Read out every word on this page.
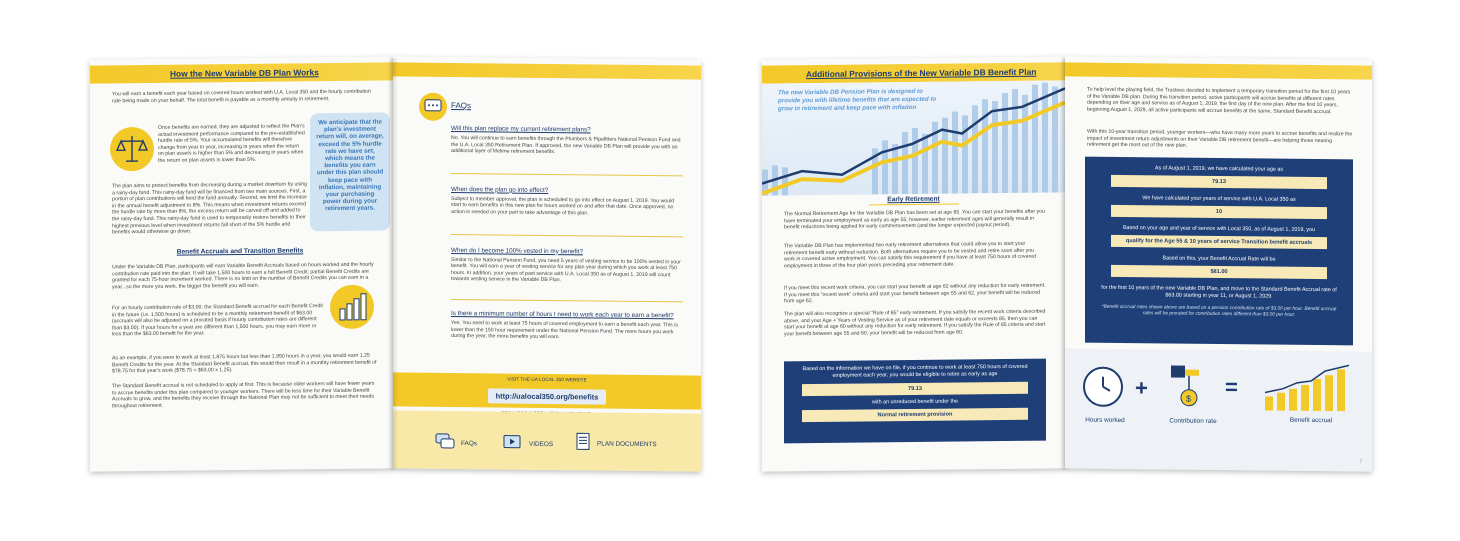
How the New Variable DB Plan Works
You will earn a benefit each year based on covered hours worked with U.A. Local 350 and the hourly contribution rate being made on your behalf. The total benefit is payable as a monthly annuity in retirement.
Once benefits are earned, they are adjusted to reflect the Plan's actual investment performance compared to the pre-established hurdle rate of 5%. Your accumulated benefits will therefore change from year to year, increasing in years when the return on plan assets is higher than 5% and decreasing in years when the return on plan assets is lower than 5%.
We anticipate that the plan's investment return will, on average, exceed the 5% hurdle rate we have set, which means the benefits you earn under this plan should keep pace with inflation, maintaining your purchasing power during your retirement years.
The plan aims to protect benefits from decreasing during a market downturn by using a rainy-day fund. This rainy-day fund will be financed from two main sources. First, a portion of plan contributions will feed the fund annually. Second, we limit the increase in the annual benefit adjustment to 8%. This means when investment returns exceed the hurdle rate by more than 8%, the excess return will be carved off and added to the rainy-day fund. This rainy-day fund is used to temporarily restore benefits to their highest previous level when investment returns fall short of the 5% hurdle and benefits would otherwise go down.
Benefit Accruals and Transition Benefits
Under the Variable DB Plan, participants will earn Variable Benefit Accruals based on hours worked and the hourly contribution rate paid into the plan. It will take 1,500 hours to earn a full Benefit Credit; partial Benefit Credits are granted for each 75-hour increment worked. There is no limit on the number of Benefit Credits you can earn in a year...so the more you work, the bigger the benefit you will earn.
For an hourly contribution rate of $3.00, the Standard Benefit accrual for each Benefit Credit in the future (i.e. 1,500 hours) is scheduled to be a monthly retirement benefit of $63.00 (accruals will also be adjusted on a prorated basis if hourly contribution rates are different than $3.00). If your hours for a year are different than 1,500 hours, you may earn more or less than the $63.00 benefit for the year.
As an example, if you were to work at least 1,875 hours but less than 1,950 hours in a year, you would earn 1.25 Benefit Credits for the year. At the Standard Benefit accrual, this would then result in a monthly retirement benefit of $78.75 for that year's work ($78.75 = $63.00 x 1.25).
The Standard Benefit accrual is not scheduled to apply at first. This is because older workers will have fewer years to accrue benefits under this plan compared to younger workers. There will be less time for their Variable Benefit Accruals to grow, and the benefits they receive through the National Plan may not be sufficient to meet their needs throughout retirement.
FAQs
Will this plan replace my current retirement plans?
No. You will continue to earn benefits through the Plumbers & Pipefitters National Pension Fund and the U.A. Local 350 Retirement Plan. If approved, the new Variable DB Plan will provide you with an additional layer of lifetime retirement benefits.
When does the plan go into effect?
Subject to member approval, the plan is scheduled to go into effect on August 1, 2019. You would start to earn benefits in this new plan for hours worked on and after that date. Once approved, no action is needed on your part to take advantage of this plan.
When do I become 100% vested in my benefit?
Similar to the National Pension Fund, you need 5 years of vesting service to be 100% vested in your benefit. You will earn a year of vesting service for any plan year during which you work at least 750 hours. In addition, your years of past service with U.A. Local 350 as of August 1, 2019 will count towards vesting service in the Variable DB Plan.
Is there a minimum number of hours I need to work each year to earn a benefit?
Yes. You need to work at least 75 hours of covered employment to earn a benefit each year. This is lower than the 150 hour requirement under the National Pension Fund. The more hours you work during the year, the more benefits you will earn.
VISIT THE UA LOCAL 350 WEBSITE
http://ualocal350.org/benefits
FAQs	VIDEOS	PLAN DOCUMENTS
Additional Provisions of the New Variable DB Benefit Plan
The new Variable DB Pension Plan is designed to provide you with lifetime benefits that are expected to grow in retirement and keep pace with inflation
Early Retirement
The Normal Retirement Age for the Variable DB Plan has been set at age 65. You can start your benefits after you have terminated your employment as early as age 55; however, earlier retirement ages will generally result in benefit reductions being applied for early commencement (and the longer expected payout period).
The Variable DB Plan has implemented two early retirement alternatives that could allow you to start your retirement benefit early without reduction. Both alternatives require you to be vested and retire soon after you work in covered active employment. You can satisfy this requirement if you have at least 750 hours of covered employment in three of the four plan years preceding your retirement date.
If you meet this recent work criteria, you can start your benefit at age 62 without any reduction for early retirement. If you meet this "recent work" criteria and start your benefit between age 55 and 62, your benefit will be reduced from age 62.
The plan will also recognize a special "Rule of 85" early retirement. If you satisfy the recent work criteria described above, and your Age + Years of Vesting Service as of your retirement date equals or exceeds 85, then you can start your benefit at age 60 without any reduction for early retirement. If you satisfy the Rule of 85 criteria and start your benefit between age 55 and 60, your benefit will be reduced from age 60.
Based on the information we have on file, if you continue to work at least 750 hours of covered employment each year, you would be eligible to retire as early as age
79.13
with an unreduced benefit under the
Normal retirement provision
To help level the playing field, the Trustees decided to implement a temporary transition period for the first 10 years of the Variable DB plan. During this transition period, active participants will accrue benefits at different rates depending on their age and service as of August 1, 2019, the first day of the new plan. After the first 10 years, beginning August 1, 2029, all active participants will accrue benefits at the same, Standard Benefit accrual.
With this 10-year transition period, younger workers—who have many more years to accrue benefits and realize the impact of investment return adjustments on their Variable DB retirement benefit—are helping those nearing retirement get the most out of the new plan.
As of August 1, 2019, we have calculated your age as
79.13
We have calculated your years of service with U.A. Local 350 as
10
Based on your age and year of service with Local 350, as of August 1, 2019, you
qualify for the Age 55 & 10 years of service Transition benefit accruals
Based on this, your Benefit Accrual Rate will be
$81.00
for the first 10 years of the new Variable DB Plan, and move to the Standard Benefit Accrual rate of $63.00 starting in year 11, or August 1, 2029.
*Benefit accrual rates shown above are based on a pension contribution rate of $3.00 per hour. Benefit accrual rates will be prorated for contribution rates different than $3.00 per hour.
+	$ =
Hours worked	Contribution rate	Benefit accrual
7
